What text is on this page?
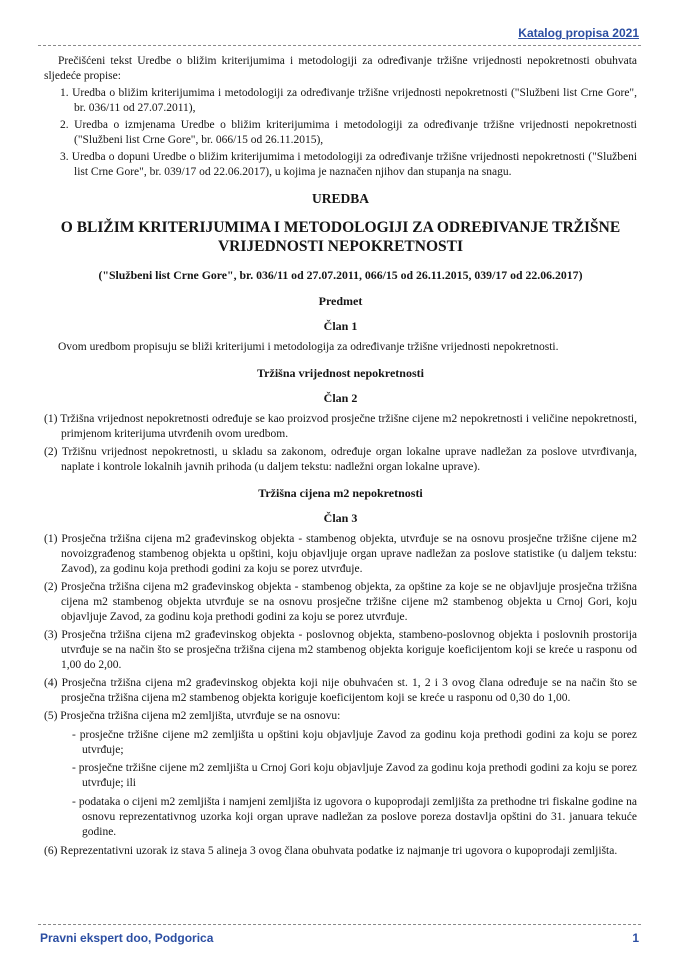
Katalog propisa 2021

Prečišćeni tekst Uredbe o bližim kriterijumima i metodologiji za određivanje tržišne vrijednosti nepokretnosti obuhvata sljedeće propise:

1. Uredba o bližim kriterijumima i metodologiji za određivanje tržišne vrijednosti nepokretnosti ("Službeni list Crne Gore", br. 036/11 od 27.07.2011),
2. Uredba o izmjenama Uredbe o bližim kriterijumima i metodologiji za određivanje tržišne vrijednosti nepokretnosti ("Službeni list Crne Gore", br. 066/15 od 26.11.2015),
3. Uredba o dopuni Uredbe o bližim kriterijumima i metodologiji za određivanje tržišne vrijednosti nepokretnosti ("Službeni list Crne Gore", br. 039/17 od 22.06.2017), u kojima je naznačen njihov dan stupanja na snagu.
UREDBA
O BLIŽIM KRITERIJUMIMA I METODOLOGIJI ZA ODREĐIVANJE TRŽIŠNE VRIJEDNOSTI NEPOKRETNOSTI

("Službeni list Crne Gore", br. 036/11 od 27.07.2011, 066/15 od 26.11.2015, 039/17 od 22.06.2017)

Predmet
Član 1

Ovom uredbom propisuju se bliži kriterijumi i metodologija za određivanje tržišne vrijednosti nepokretnosti.

Tržišna vrijednost nepokretnosti
Član 2
(1) Tržišna vrijednost nepokretnosti određuje se kao proizvod prosječne tržišne cijene m2 nepokretnosti i veličine nepokretnosti, primjenom kriterijuma utvrđenih ovom uredbom.
(2) Tržišnu vrijednost nepokretnosti, u skladu sa zakonom, određuje organ lokalne uprave nadležan za poslove utvrđivanja, naplate i kontrole lokalnih javnih prihoda (u daljem tekstu: nadležni organ lokalne uprave).
Tržišna cijena m2 nepokretnosti
Član 3
(1) Prosječna tržišna cijena m2 građevinskog objekta - stambenog objekta, utvrđuje se na osnovu prosječne tržišne cijene m2 novoizgrađenog stambenog objekta u opštini, koju objavljuje organ uprave nadležan za poslove statistike (u daljem tekstu: Zavod), za godinu koja prethodi godini za koju se porez utvrđuje.
(2) Prosječna tržišna cijena m2 građevinskog objekta - stambenog objekta, za opštine za koje se ne objavljuje prosječna tržišna cijena m2 stambenog objekta utvrđuje se na osnovu prosječne tržišne cijene m2 stambenog objekta u Crnoj Gori, koju objavljuje Zavod, za godinu koja prethodi godini za koju se porez utvrđuje.
(3) Prosječna tržišna cijena m2 građevinskog objekta - poslovnog objekta, stambeno-poslovnog objekta i poslovnih prostorija utvrđuje se na način što se prosječna tržišna cijena m2 stambenog objekta koriguje koeficijentom koji se kreće u rasponu od 1,00 do 2,00.
(4) Prosječna tržišna cijena m2 građevinskog objekta koji nije obuhvaćen st. 1, 2 i 3 ovog člana određuje se na način što se prosječna tržišna cijena m2 stambenog objekta koriguje koeficijentom koji se kreće u rasponu od 0,30 do 1,00.
(5) Prosječna tržišna cijena m2 zemljišta, utvrđuje se na osnovu:
- prosječne tržišne cijene m2 zemljišta u opštini koju objavljuje Zavod za godinu koja prethodi godini za koju se porez utvrđuje;
- prosječne tržišne cijene m2 zemljišta u Crnoj Gori koju objavljuje Zavod za godinu koja prethodi godini za koju se porez utvrđuje; ili
- podataka o cijeni m2 zemljišta i namjeni zemljišta iz ugovora o kupoprodaji zemljišta za prethodne tri fiskalne godine na osnovu reprezentativnog uzorka koji organ uprave nadležan za poslove poreza dostavlja opštini do 31. januara tekuće godine.
(6) Reprezentativni uzorak iz stava 5 alineja 3 ovog člana obuhvata podatke iz najmanje tri ugovora o kupoprodaji zemljišta.
Pravni ekspert doo, Podgorica	1
